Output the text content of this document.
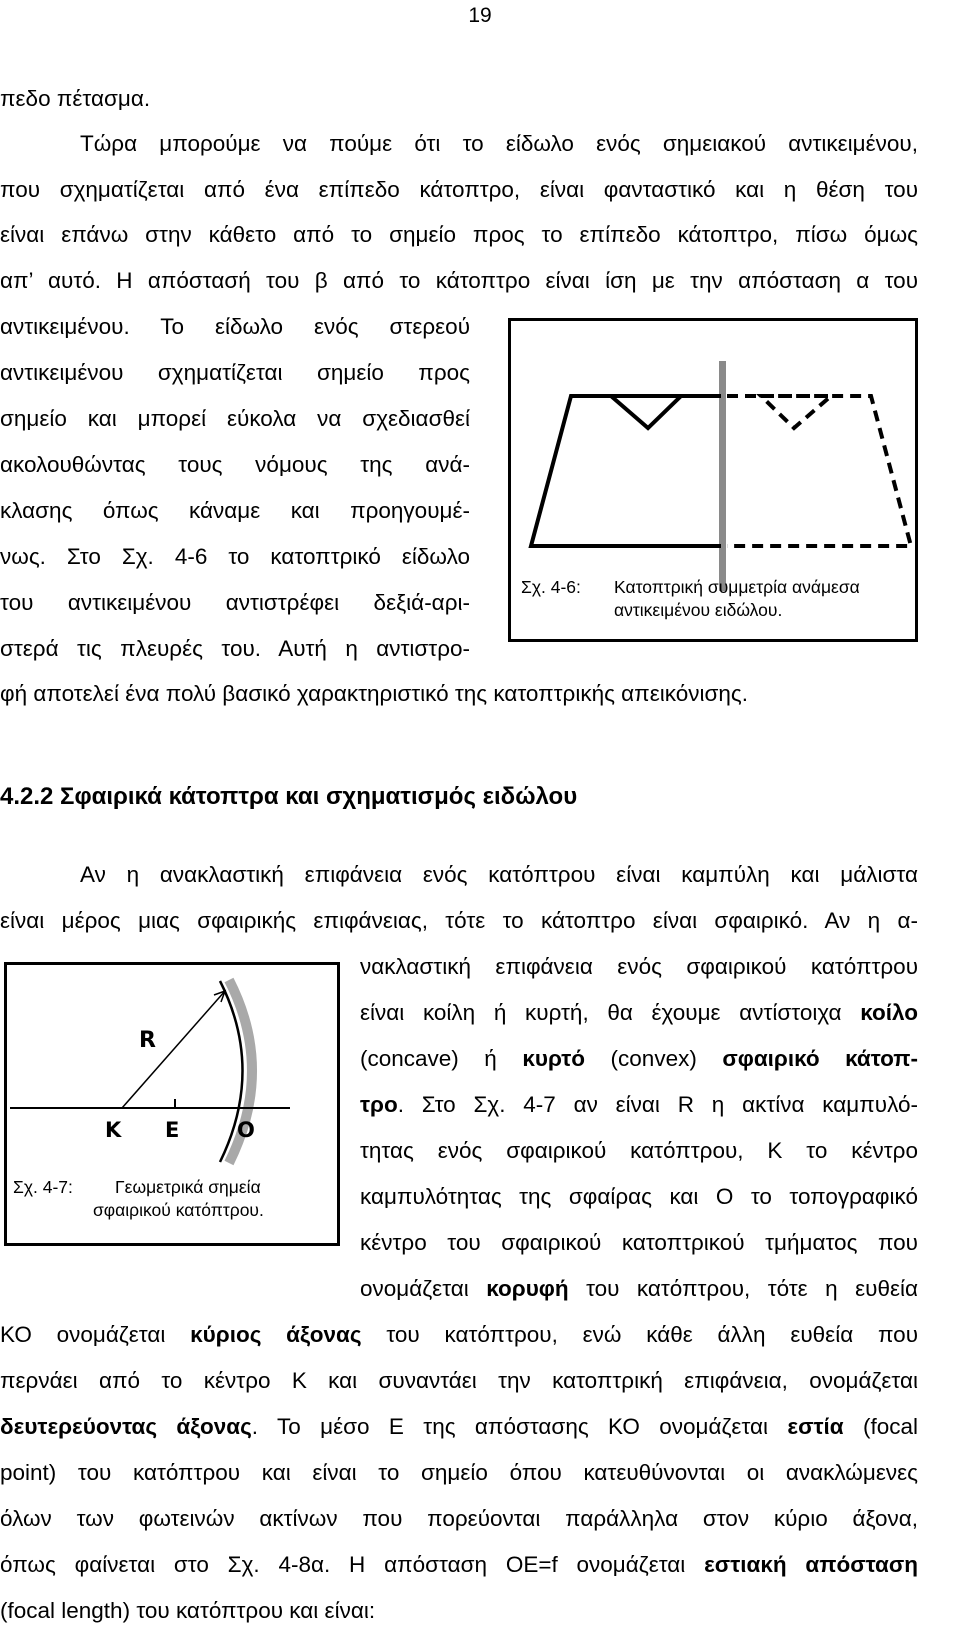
19
πεδο πέτασμα.
Τώρα μπορούμε να πούμε ότι το είδωλο ενός σημειακού αντικειμένου,
που σχηματίζεται από ένα επίπεδο κάτοπτρο, είναι φανταστικό και η θέση του
είναι επάνω στην κάθετο από το σημείο προς το επίπεδο κάτοπτρο, πίσω όμως
απ’ αυτό. Η απόστασή του β από το κάτοπτρο είναι ίση με την απόσταση α του
αντικειμένου. Το είδωλο ενός στερεού
αντικειμένου σχηματίζεται σημείο προς
σημείο και μπορεί εύκολα να σχεδιασθεί
ακολουθώντας τους νόμους της ανά-
κλασης όπως κάναμε και προηγουμέ-
νως. Στο Σχ. 4-6 το κατοπτρικό είδωλο
του αντικειμένου αντιστρέφει δεξιά-αρι-
στερά τις πλευρές του. Αυτή η αντιστρο-
φή αποτελεί ένα πολύ βασικό χαρακτηριστικό της κατοπτρικής απεικόνισης.
Σχ. 4-6: Κατοπτρική συμμετρία ανάμεσα
αντικειμένου ειδώλου.
4.2.2 Σφαιρικά κάτοπτρα και σχηματισμός ειδώλου
Αν η ανακλαστική επιφάνεια ενός κατόπτρου είναι καμπύλη και μάλιστα
είναι μέρος μιας σφαιρικής επιφάνειας, τότε το κάτοπτρο είναι σφαιρικό. Αν η α-
νακλαστική επιφάνεια ενός σφαιρικού κατόπτρου
είναι κοίλη ή κυρτή, θα έχουμε αντίστοιχα κοίλο
(concave) ή κυρτό (convex) σφαιρικό κάτοπ-
τρο. Στο Σχ. 4-7 αν είναι R η ακτίνα καμπυλό-
τητας ενός σφαιρικού κατόπτρου, Κ το κέντρο
καμπυλότητας της σφαίρας και Ο το τοπογραφικό
κέντρο του σφαιρικού κατοπτρικού τμήματος που
ονομάζεται κορυφή του κατόπτρου, τότε η ευθεία
R
K E	O
Σχ. 4-7: Γεωμετρικά σημεία
σφαιρικού κατόπτρου.
ΚΟ ονομάζεται κύριος άξονας του κατόπτρου, ενώ κάθε άλλη ευθεία που
περνάει από το κέντρο Κ και συναντάει την κατοπτρική επιφάνεια, ονομάζεται
δευτερεύοντας άξονας. Το μέσο Ε της απόστασης ΚΟ ονομάζεται εστία (focal
point) του κατόπτρου και είναι το σημείο όπου κατευθύνονται οι ανακλώμενες
όλων των φωτεινών ακτίνων που πορεύονται παράλληλα στον κύριο άξονα,
όπως φαίνεται στο Σχ. 4-8α. Η απόσταση ΟΕ=f ονομάζεται εστιακή απόσταση
(focal length) του κατόπτρου και είναι:
